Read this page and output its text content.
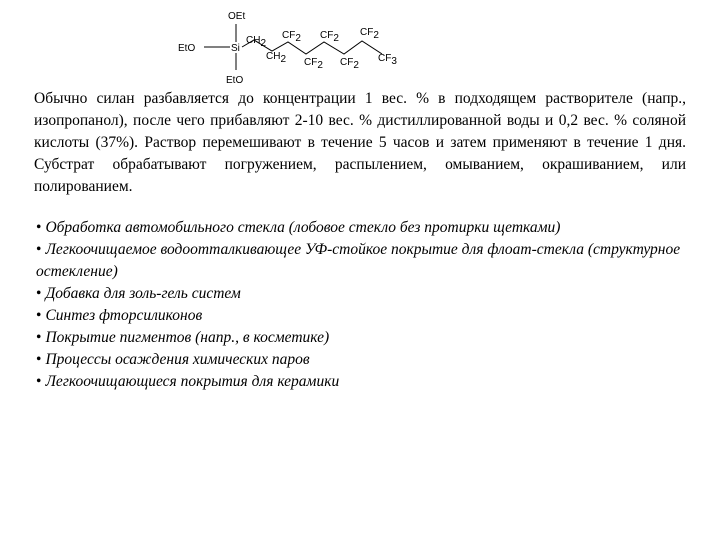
OEt
EtO	Si
EtO
CH2
CH2
CF2
CF2
CF2
CF2
CF2
CF3

Обычно силан разбавляется до концентрации 1 вес. % в подходящем растворителе (напр., изопропанол), после чего прибавляют 2-10 вес. % дистиллированной воды и 0,2 вес. % соляной кислоты (37%). Раствор перемешивают в течение 5 часов и затем применяют в течение 1 дня. Субстрат обрабатывают погружением, распылением, омыванием, окрашиванием, или полированием.

• Обработка автомобильного стекла (лобовое стекло без протирки щетками)
• Легкоочищаемое водоотталкивающее УФ-стойкое покрытие для флоат-стекла (структурное остекление)
• Добавка для золь-гель систем
• Синтез фторсиликонов
• Покрытие пигментов (напр., в косметике)
• Процессы осаждения химических паров
• Легкоочищающиеся покрытия для керамики
